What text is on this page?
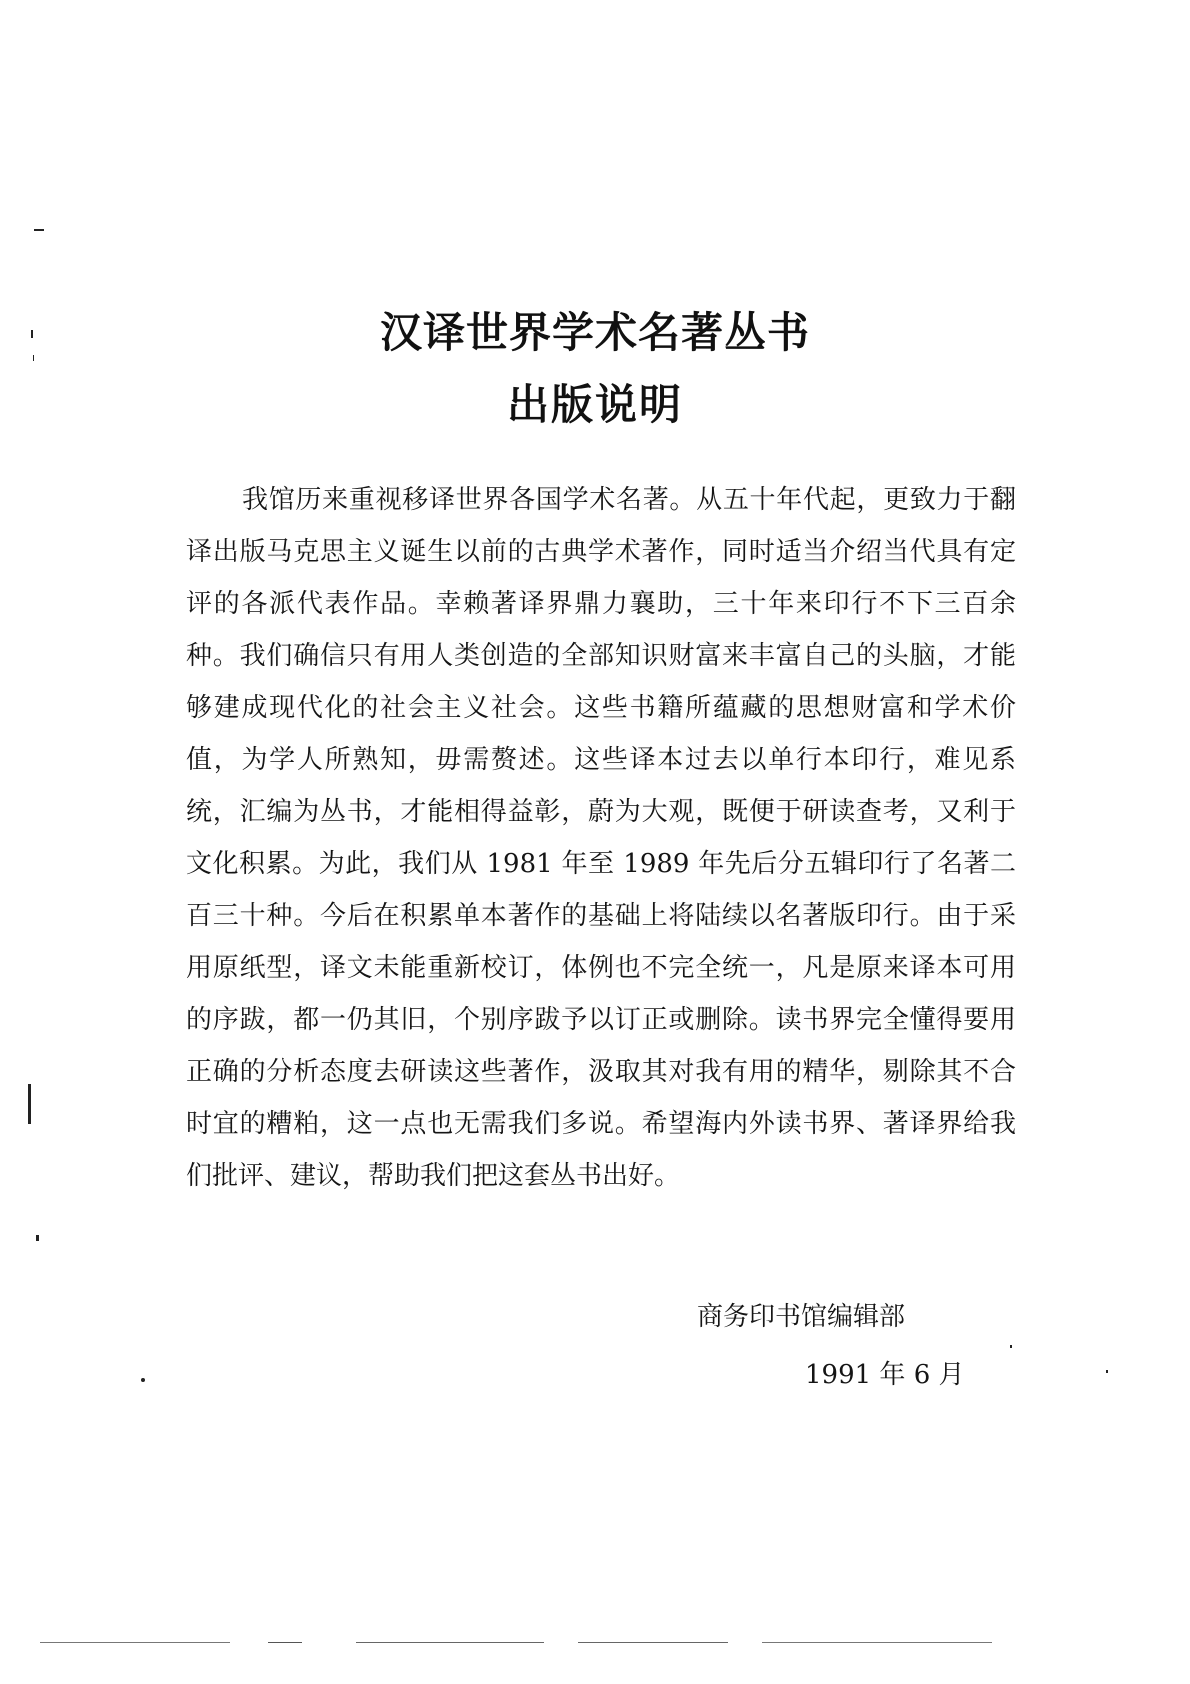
汉译世界学术名著丛书
出版说明
我馆历来重视移译世界各国学术名著。从五十年代起，更致力于翻译出版马克思主义诞生以前的古典学术著作，同时适当介绍当代具有定评的各派代表作品。幸赖著译界鼎力襄助，三十年来印行不下三百余种。我们确信只有用人类创造的全部知识财富来丰富自己的头脑，才能够建成现代化的社会主义社会。这些书籍所蕴藏的思想财富和学术价值，为学人所熟知，毋需赘述。这些译本过去以单行本印行，难见系统，汇编为丛书，才能相得益彰，蔚为大观，既便于研读查考，又利于文化积累。为此，我们从 1981 年至 1989 年先后分五辑印行了名著二百三十种。今后在积累单本著作的基础上将陆续以名著版印行。由于采用原纸型，译文未能重新校订，体例也不完全统一，凡是原来译本可用的序跋，都一仍其旧，个别序跋予以订正或删除。读书界完全懂得要用正确的分析态度去研读这些著作，汲取其对我有用的精华，剔除其不合时宜的糟粕，这一点也无需我们多说。希望海内外读书界、著译界给我们批评、建议，帮助我们把这套丛书出好。
商务印书馆编辑部
1991 年 6 月
